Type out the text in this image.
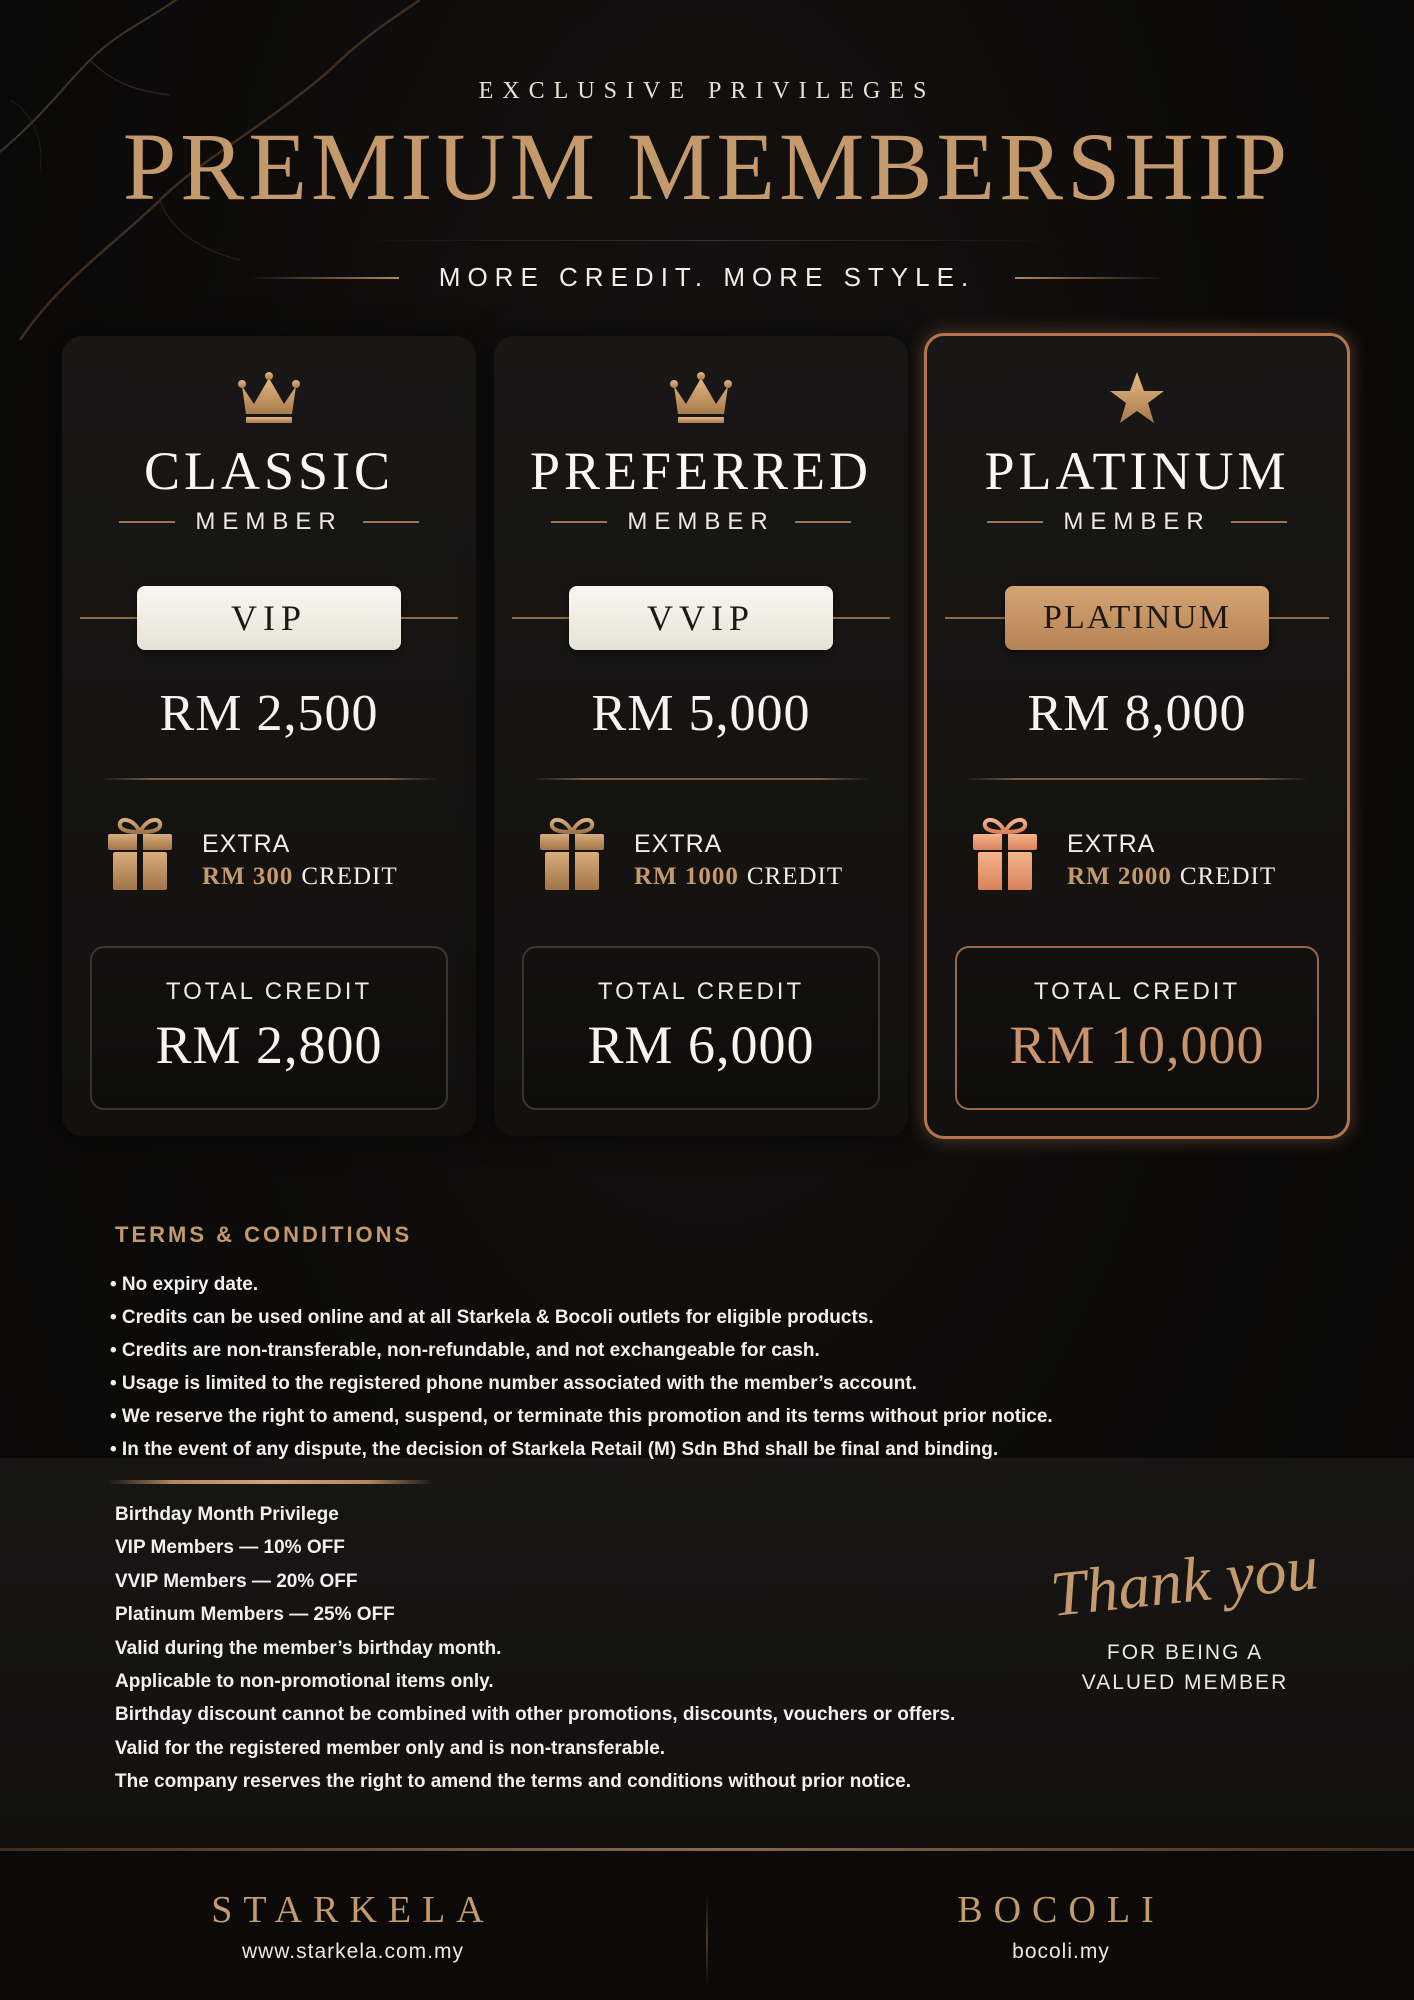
EXCLUSIVE PRIVILEGES
PREMIUM MEMBERSHIP
MORE CREDIT. MORE STYLE.
CLASSIC
MEMBER
VIP
RM 2,500
EXTRA
RM 300 CREDIT
TOTAL CREDIT
RM 2,800
PREFERRED
MEMBER
VVIP
RM 5,000
EXTRA
RM 1000 CREDIT
TOTAL CREDIT
RM 6,000
PLATINUM
MEMBER
PLATINUM
RM 8,000
EXTRA
RM 2000 CREDIT
TOTAL CREDIT
RM 10,000
TERMS & CONDITIONS
• No expiry date.
• Credits can be used online and at all Starkela & Bocoli outlets for eligible products.
• Credits are non-transferable, non-refundable, and not exchangeable for cash.
• Usage is limited to the registered phone number associated with the member’s account.
• We reserve the right to amend, suspend, or terminate this promotion and its terms without prior notice.
• In the event of any dispute, the decision of Starkela Retail (M) Sdn Bhd shall be final and binding.
Birthday Month Privilege
VIP Members — 10% OFF
VVIP Members — 20% OFF
Platinum Members — 25% OFF
Valid during the member’s birthday month.
Applicable to non-promotional items only.
Birthday discount cannot be combined with other promotions, discounts, vouchers or offers.
Valid for the registered member only and is non-transferable.
The company reserves the right to amend the terms and conditions without prior notice.
Thank you
FOR BEING A
VALUED MEMBER
STARKELA
www.starkela.com.my
BOCOLI
bocoli.my
